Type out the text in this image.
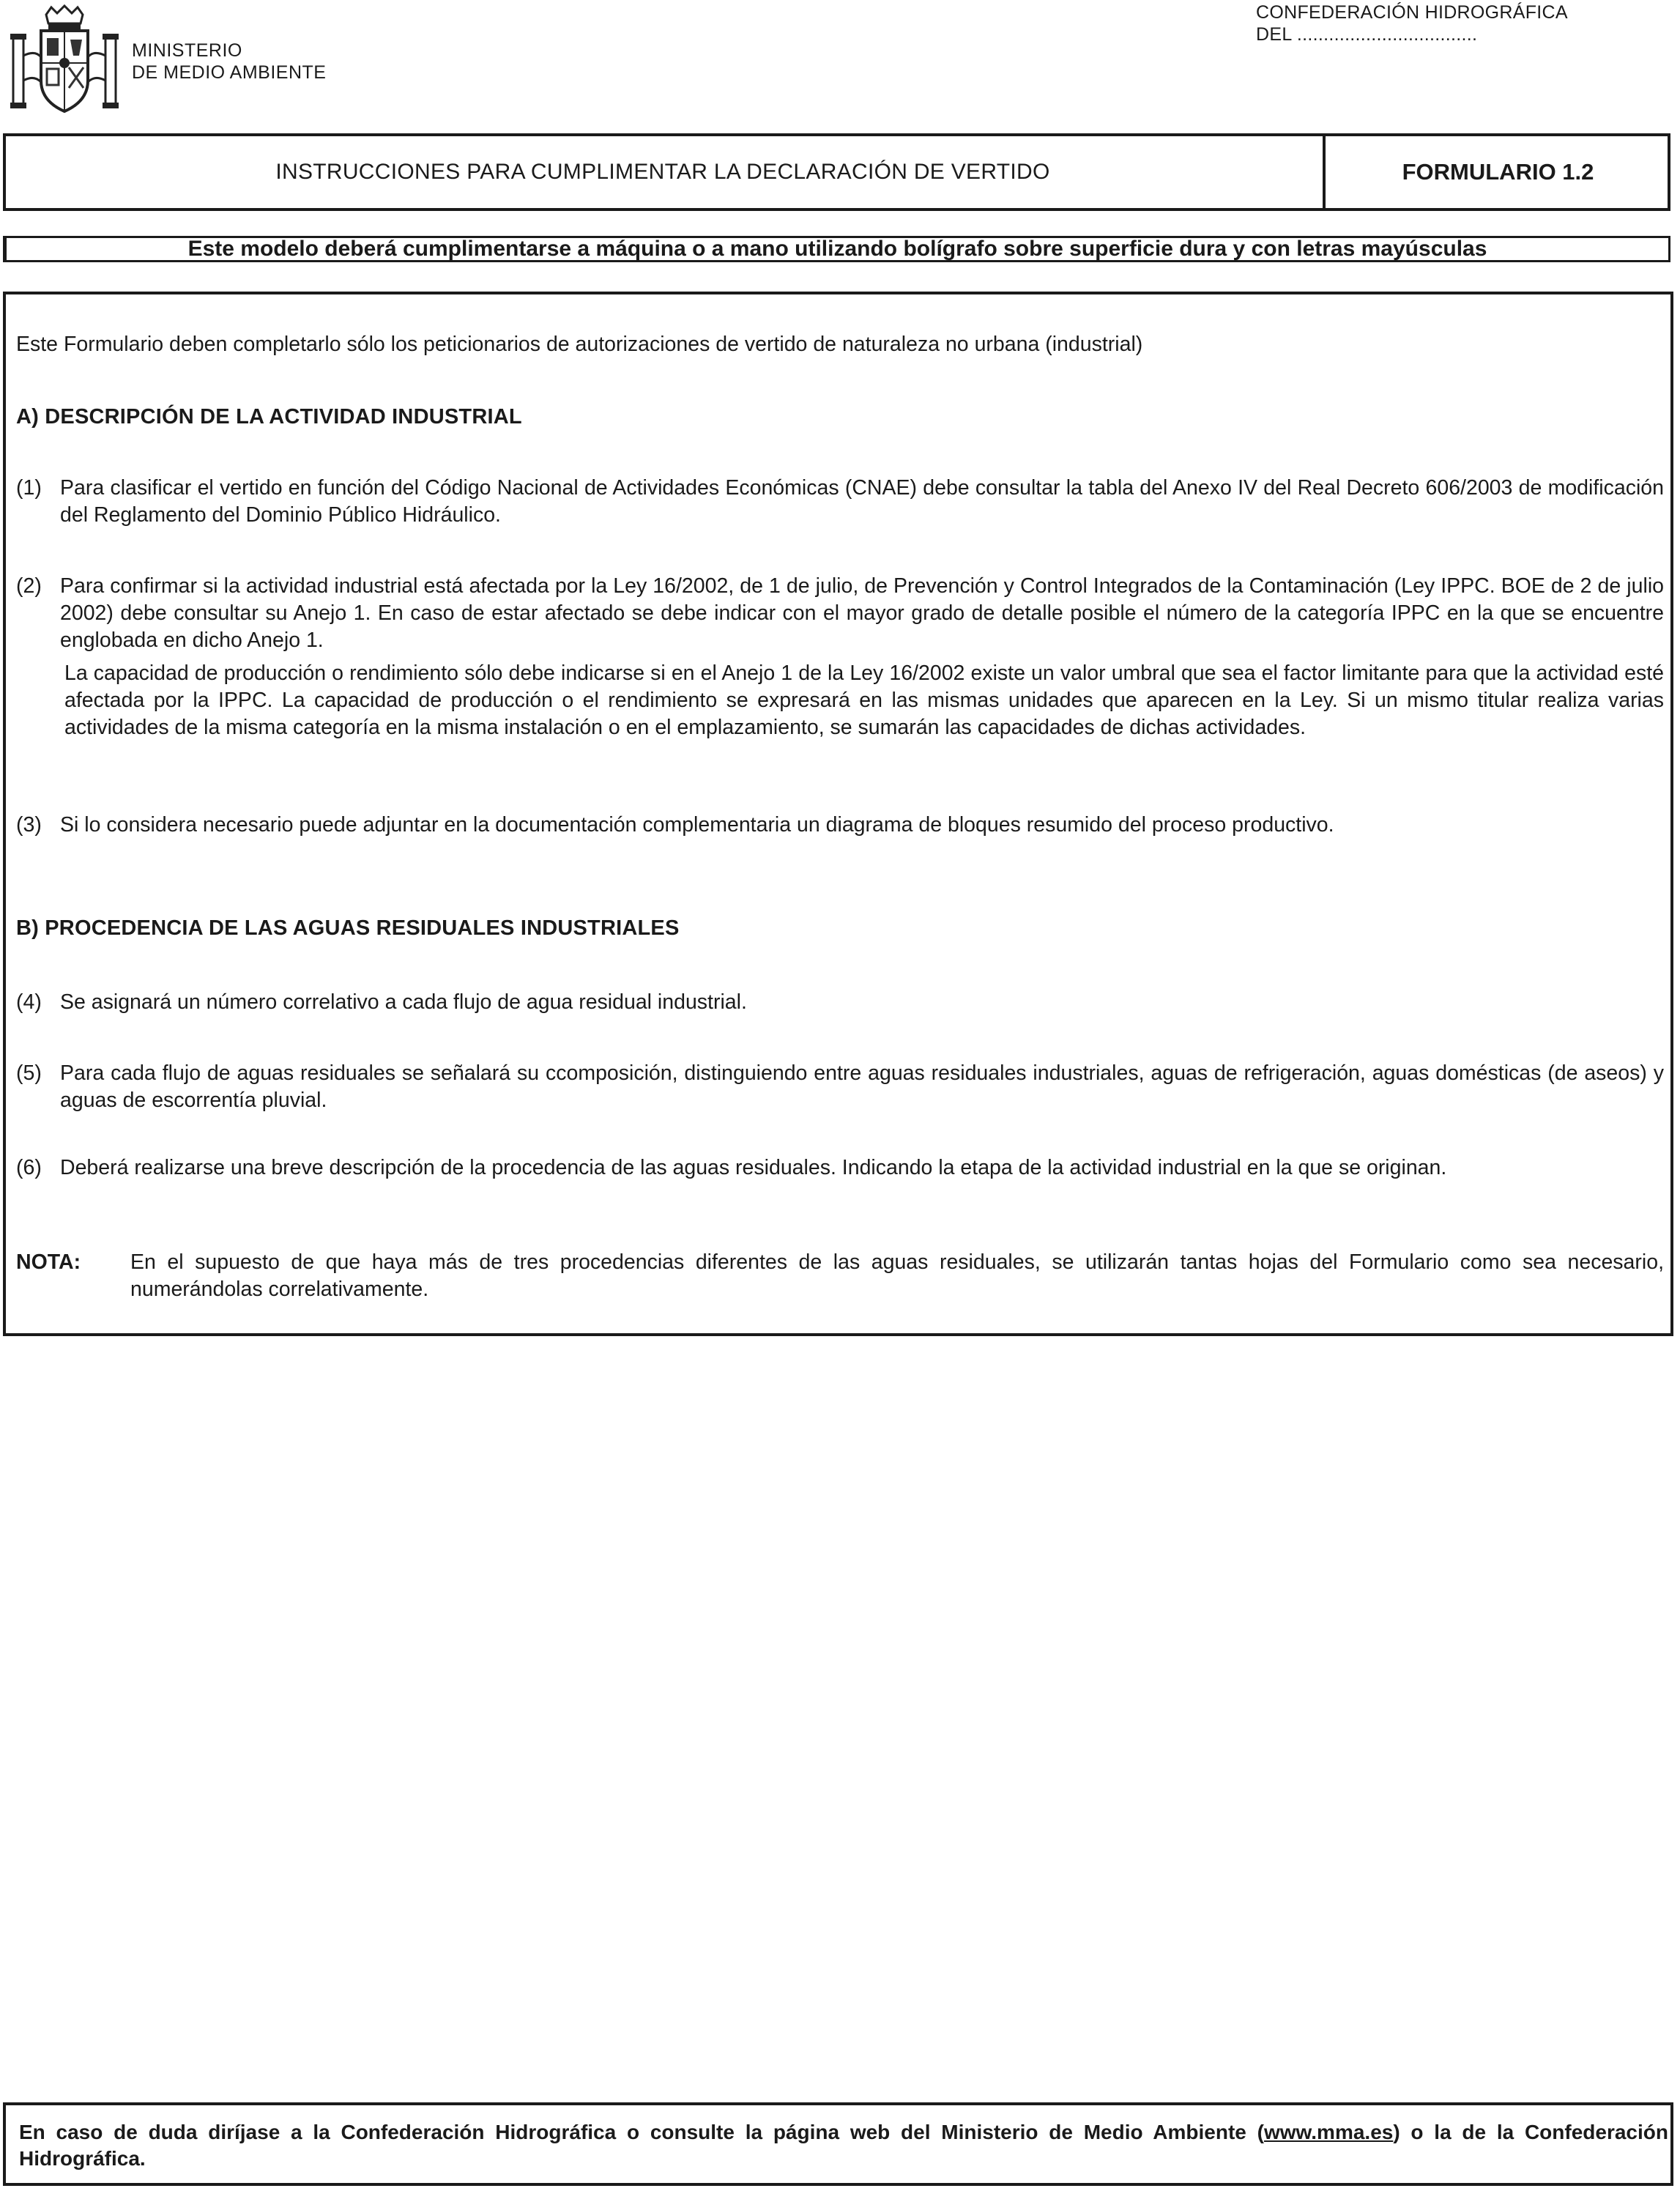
MINISTERIO
DE MEDIO AMBIENTE
CONFEDERACIÓN HIDROGRÁFICA
DEL ..................................
INSTRUCCIONES PARA CUMPLIMENTAR LA DECLARACIÓN DE VERTIDO	FORMULARIO 1.2
Este modelo deberá cumplimentarse a máquina o a mano utilizando bolígrafo sobre superficie dura y con letras mayúsculas
Este Formulario deben completarlo sólo los peticionarios de autorizaciones de vertido de naturaleza no urbana (industrial)
A) DESCRIPCIÓN DE LA ACTIVIDAD INDUSTRIAL
(1) Para clasificar el vertido en función del Código Nacional de Actividades Económicas (CNAE) debe consultar la tabla del Anexo IV del Real Decreto 606/2003 de modificación del Reglamento del Dominio Público Hidráulico.
(2) Para confirmar si la actividad industrial está afectada por la Ley 16/2002, de 1 de julio, de Prevención y Control Integrados de la Contaminación (Ley IPPC. BOE de 2 de julio 2002) debe consultar su Anejo 1. En caso de estar afectado se debe indicar con el mayor grado de detalle posible el número de la categoría IPPC en la que se encuentre englobada en dicho Anejo 1.
La capacidad de producción o rendimiento sólo debe indicarse si en el Anejo 1 de la Ley 16/2002 existe un valor umbral que sea el factor limitante para que la actividad esté afectada por la IPPC. La capacidad de producción o el rendimiento se expresará en las mismas unidades que aparecen en la Ley. Si un mismo titular realiza varias actividades de la misma categoría en la misma instalación o en el emplazamiento, se sumarán las capacidades de dichas actividades.
(3) Si lo considera necesario puede adjuntar en la documentación complementaria un diagrama de bloques resumido del proceso productivo.
B) PROCEDENCIA DE LAS AGUAS RESIDUALES INDUSTRIALES
(4) Se asignará un número correlativo a cada flujo de agua residual industrial.
(5) Para cada flujo de aguas residuales se señalará su ccomposición, distinguiendo entre aguas residuales industriales, aguas de refrigeración, aguas domésticas (de aseos) y aguas de escorrentía pluvial.
(6) Deberá realizarse una breve descripción de la procedencia de las aguas residuales. Indicando la etapa de la actividad industrial en la que se originan.
NOTA: En el supuesto de que haya más de tres procedencias diferentes de las aguas residuales, se utilizarán tantas hojas del Formulario como sea necesario, numerándolas correlativamente.
En caso de duda diríjase a la Confederación Hidrográfica o consulte la página web del Ministerio de Medio Ambiente (www.mma.es) o la de la Confederación Hidrográfica.
